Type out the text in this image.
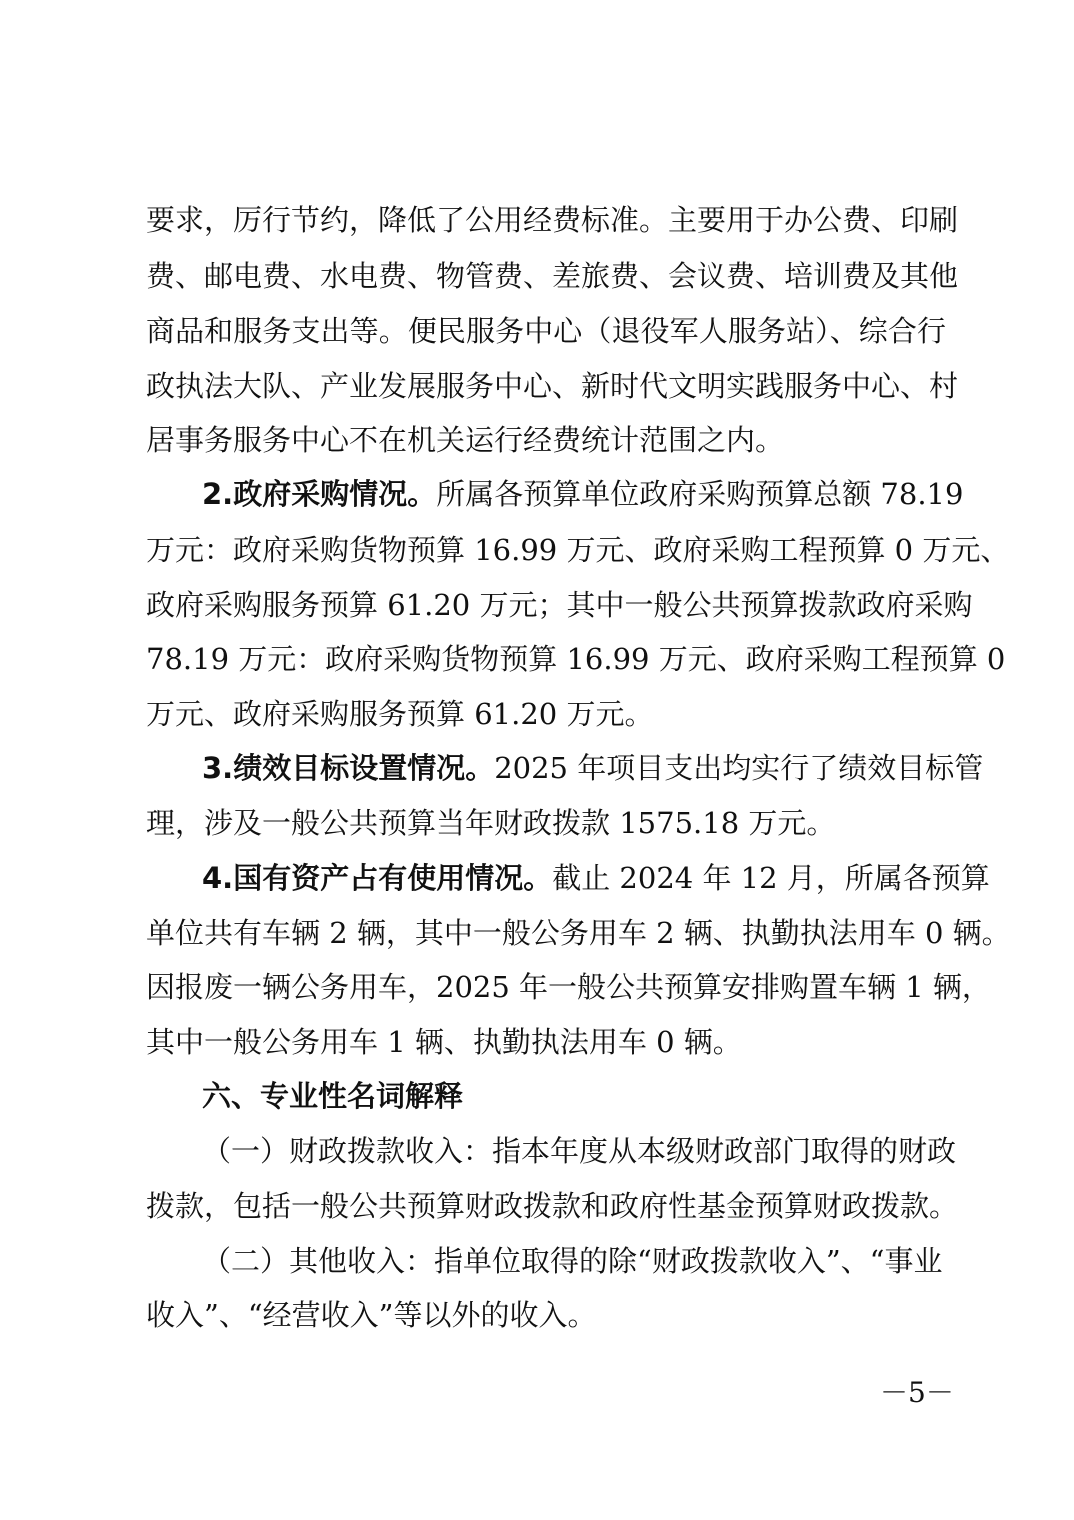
要求，厉行节约，降低了公用经费标准。主要用于办公费、印刷
费、邮电费、水电费、物管费、差旅费、会议费、培训费及其他
商品和服务支出等。便民服务中心（退役军人服务站）、综合行
政执法大队、产业发展服务中心、新时代文明实践服务中心、村
居事务服务中心不在机关运行经费统计范围之内。
2.政府采购情况。所属各预算单位政府采购预算总额 78.19
万元：政府采购货物预算 16.99 万元、政府采购工程预算 0 万元、
政府采购服务预算 61.20 万元；其中一般公共预算拨款政府采购
78.19 万元：政府采购货物预算 16.99 万元、政府采购工程预算 0
万元、政府采购服务预算 61.20 万元。
3.绩效目标设置情况。2025 年项目支出均实行了绩效目标管
理，涉及一般公共预算当年财政拨款 1575.18 万元。
4.国有资产占有使用情况。截止 2024 年 12 月，所属各预算
单位共有车辆 2 辆，其中一般公务用车 2 辆、执勤执法用车 0 辆。
因报废一辆公务用车，2025 年一般公共预算安排购置车辆 1 辆，
其中一般公务用车 1 辆、执勤执法用车 0 辆。
六、专业性名词解释
（一）财政拨款收入：指本年度从本级财政部门取得的财政
拨款，包括一般公共预算财政拨款和政府性基金预算财政拨款。
（二）其他收入：指单位取得的除“财政拨款收入”、“事业
收入”、“经营收入”等以外的收入。
－5－
